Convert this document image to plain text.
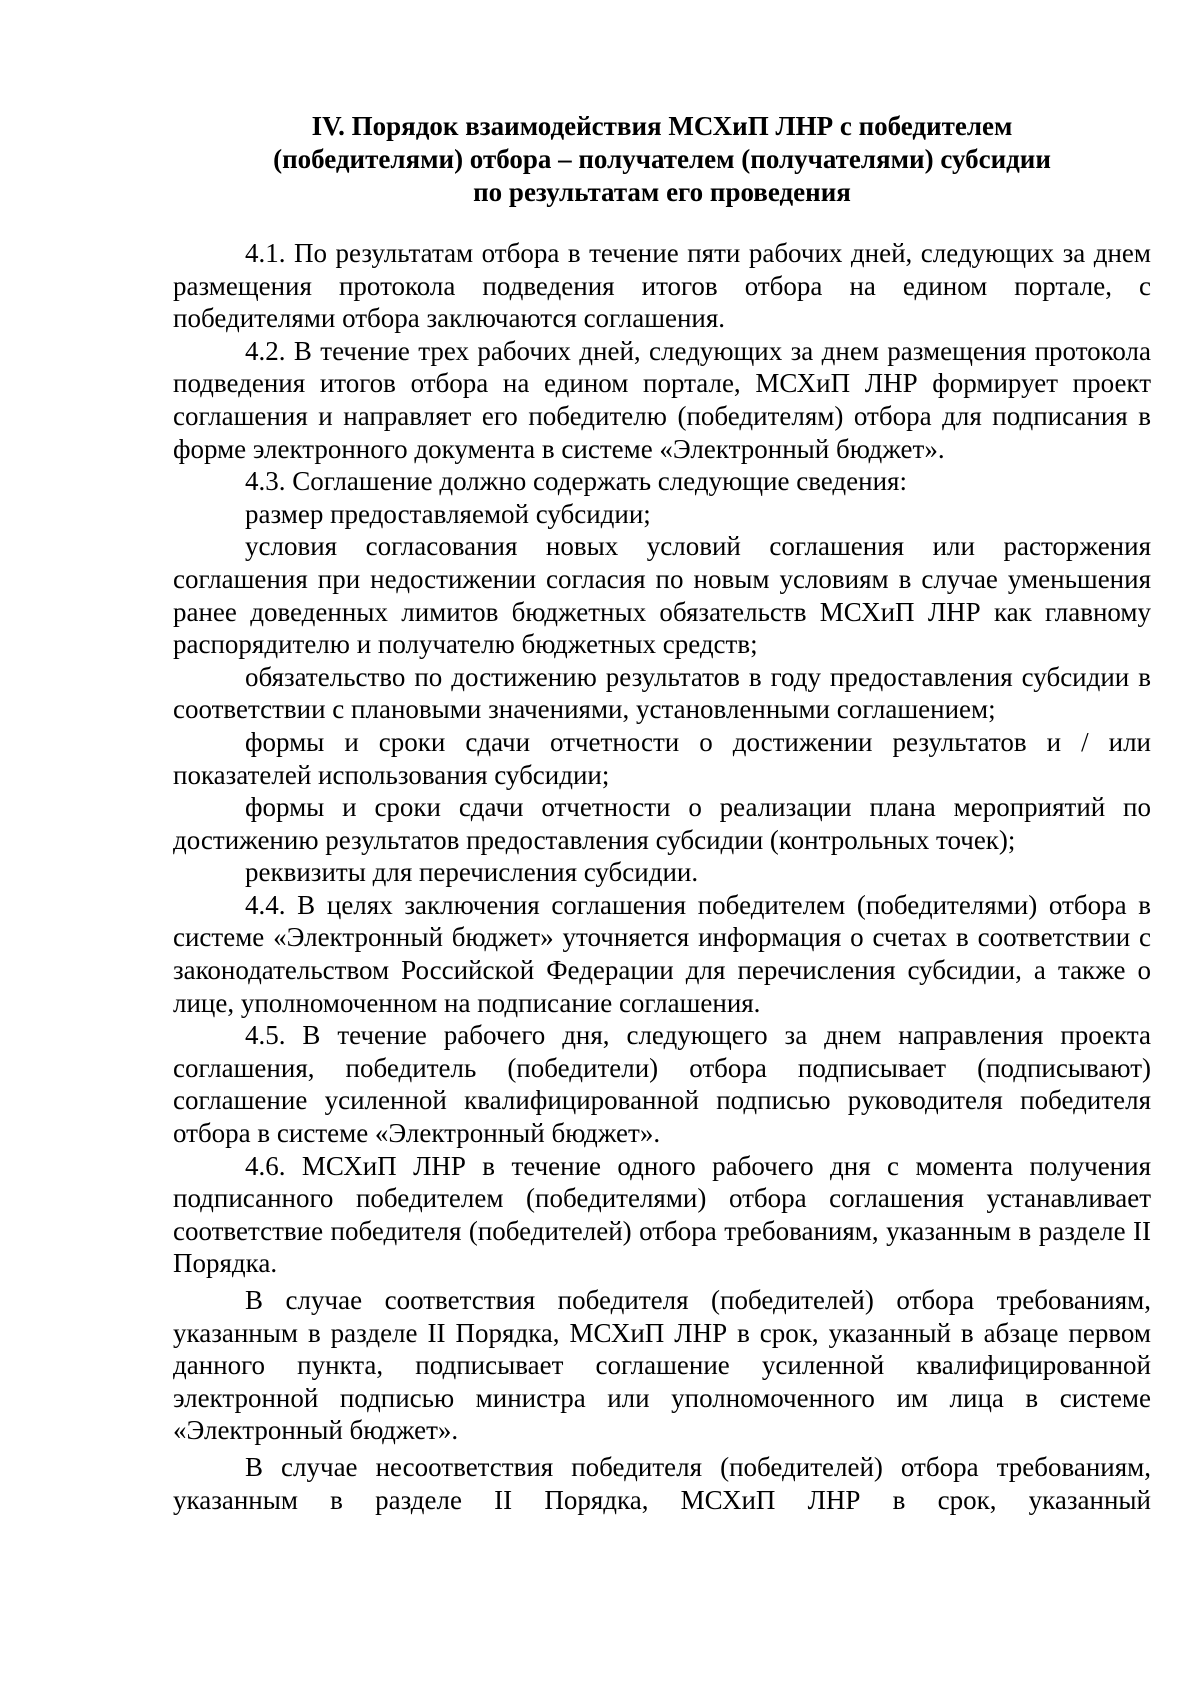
IV. Порядок взаимодействия МСХиП ЛНР с победителем
(победителями) отбора – получателем (получателями) субсидии
по результатам его проведения

4.1. По результатам отбора в течение пяти рабочих дней, следующих за днем размещения протокола подведения итогов отбора на едином портале, с победителями отбора заключаются соглашения.

4.2. В течение трех рабочих дней, следующих за днем размещения протокола подведения итогов отбора на едином портале, МСХиП ЛНР формирует проект соглашения и направляет его победителю (победителям) отбора для подписания в форме электронного документа в системе «Электронный бюджет».

4.3. Соглашение должно содержать следующие сведения:

размер предоставляемой субсидии;

условия согласования новых условий соглашения или расторжения соглашения при недостижении согласия по новым условиям в случае уменьшения ранее доведенных лимитов бюджетных обязательств МСХиП ЛНР как главному распорядителю и получателю бюджетных средств;

обязательство по достижению результатов в году предоставления субсидии в соответствии с плановыми значениями, установленными соглашением;

формы и сроки сдачи отчетности о достижении результатов и / или показателей использования субсидии;

формы и сроки сдачи отчетности о реализации плана мероприятий по достижению результатов предоставления субсидии (контрольных точек);

реквизиты для перечисления субсидии.

4.4. В целях заключения соглашения победителем (победителями) отбора в системе «Электронный бюджет» уточняется информация о счетах в соответствии с законодательством Российской Федерации для перечисления субсидии, а также о лице, уполномоченном на подписание соглашения.

4.5. В течение рабочего дня, следующего за днем направления проекта соглашения, победитель (победители) отбора подписывает (подписывают) соглашение усиленной квалифицированной подписью руководителя победителя отбора в системе «Электронный бюджет».

4.6. МСХиП ЛНР в течение одного рабочего дня с момента получения подписанного победителем (победителями) отбора соглашения устанавливает соответствие победителя (победителей) отбора требованиям, указанным в разделе II Порядка.

В случае соответствия победителя (победителей) отбора требованиям, указанным в разделе II Порядка, МСХиП ЛНР в срок, указанный в абзаце первом данного пункта, подписывает соглашение усиленной квалифицированной электронной подписью министра или уполномоченного им лица в системе «Электронный бюджет».

В случае несоответствия победителя (победителей) отбора требованиям, указанным в разделе II Порядка, МСХиП ЛНР в срок, указанный
